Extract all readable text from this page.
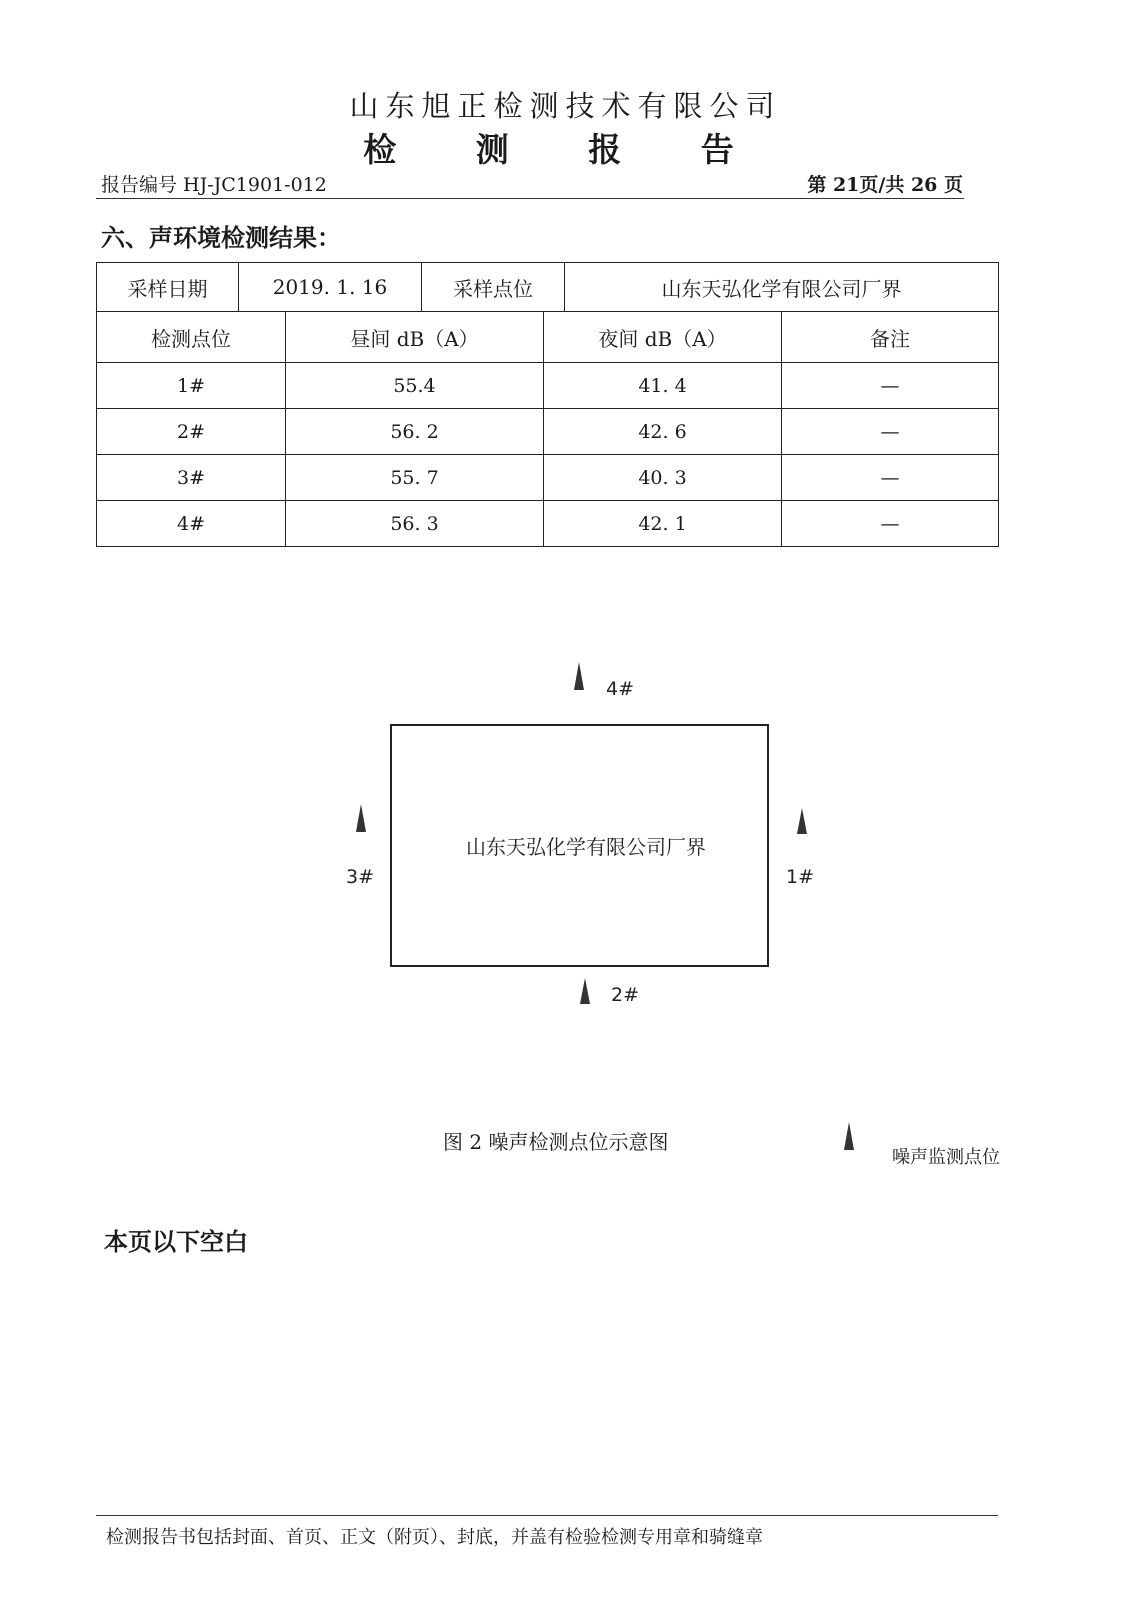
山东旭正检测技术有限公司
检 测 报 告
报告编号 HJ-JC1901-012	第 21页/共 26 页
六、声环境检测结果：
采样日期	2019. 1. 16	采样点位	山东天弘化学有限公司厂界
检测点位	昼间 dB（A）	夜间 dB（A）	备注
1#	55.4	41. 4	—
2#	56. 2	42. 6	—
3#	55. 7	40. 3	—
4#	56. 3	42. 1	—
山东天弘化学有限公司厂界
4#
3#	1#
2#
图 2 噪声检测点位示意图
噪声监测点位
本页以下空白
检测报告书包括封面、首页、正文（附页）、封底，并盖有检验检测专用章和骑缝章
